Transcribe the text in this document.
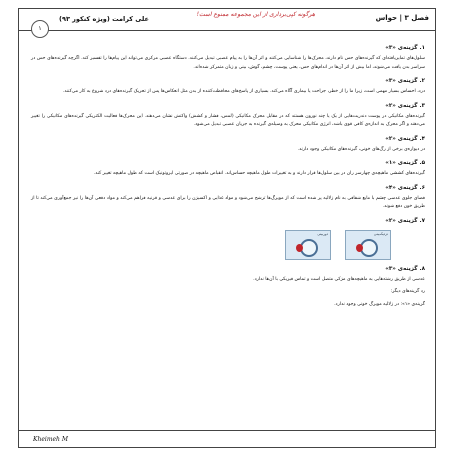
فصل ۳ | حواس
هرگونه کپی‌برداری از این مجموعه ممنوع است!
علی کرامت (ویژه کنکور ۹۳)
۱
۱. گزینه‌ی «۳»
سلول‌های تمایزیافته‌ای که گیرنده‌های حس نام دارند، محرک‌ها را شناسایی می‌کنند و اثر آن‌ها را به پیام عصبی تبدیل می‌کنند. دستگاه عصبی مرکزی می‌تواند این پیام‌ها را تفسیر کند. اگرچه گیرنده‌های حس در سراسر بدن یافت می‌شوند، اما بیش از اثر آن‌ها در اندام‌های حس، یعنی پوست، چشم، گوش، بینی و زبان متمرکز شده‌اند.
۲. گزینه‌ی «۳»
درد، احساس بسیار مهمی است، زیرا ما را از خطر، جراحت یا بیماری آگاه می‌کند. بسیاری از پاسخ‌های محافظت‌کننده از بدن مثل انعکاس‌ها پس از تحریک گیرنده‌های درد شروع به کار می‌کنند.
۳. گزینه‌ی «۲»
گیرنده‌های مکانیکی در پوست دندریت‌هایی از یک یا چند نورون هستند که در مقابل محرک مکانیکی (لمس، فشار و کشش) واکنش نشان می‌دهند. این محرک‌ها فعالیت الکتریکی گیرنده‌های مکانیکی را تغییر می‌دهند و اگر محرک به اندازه‌ی کافی قوی باشد، انرژی مکانیکی محرک به وسیله‌ی گیرنده به جریان عصبی تبدیل می‌شود.
۴. گزینه‌ی «۲»
در دیواره‌ی برخی از رگ‌های خونی، گیرنده‌های مکانیکی وجود دارند.
۵. گزینه‌ی «۱»
گیرنده‌های کششی ماهیچه‌ی چهارسر ران در بین سلول‌ها قرار دارند و به تغییرات طول ماهیچه حساس‌اند. انقباض ماهیچه در صورتی ایزوتونیک است که طول ماهیچه تغییر کند.
۶. گزینه‌ی «۴»
فضای جلوی عدسی چشم با مایع شفافی به نام زلالیه پر شده است که از مویرگ‌ها ترشح می‌شود و مواد غذایی و اکسیژن را برای عدسی و قرنیه فراهم می‌کند و مواد دفعی آن‌ها را نیز جمع‌آوری می‌کند تا از طریق خون دفع شوند.
۷. گزینه‌ی «۲»
نزدیک‌بینی
دوربینی
۸. گزینه‌ی «۳»
عدسی از طریق رشته‌هایی به ماهیچه‌های مژکی متصل است و تماس فیزیکی با آن‌ها ندارد.
رد گزینه‌های دیگر:
گزینه‌ی «۱»: در زلالیه مویرگ خونی وجود ندارد.
Kheimeh M
